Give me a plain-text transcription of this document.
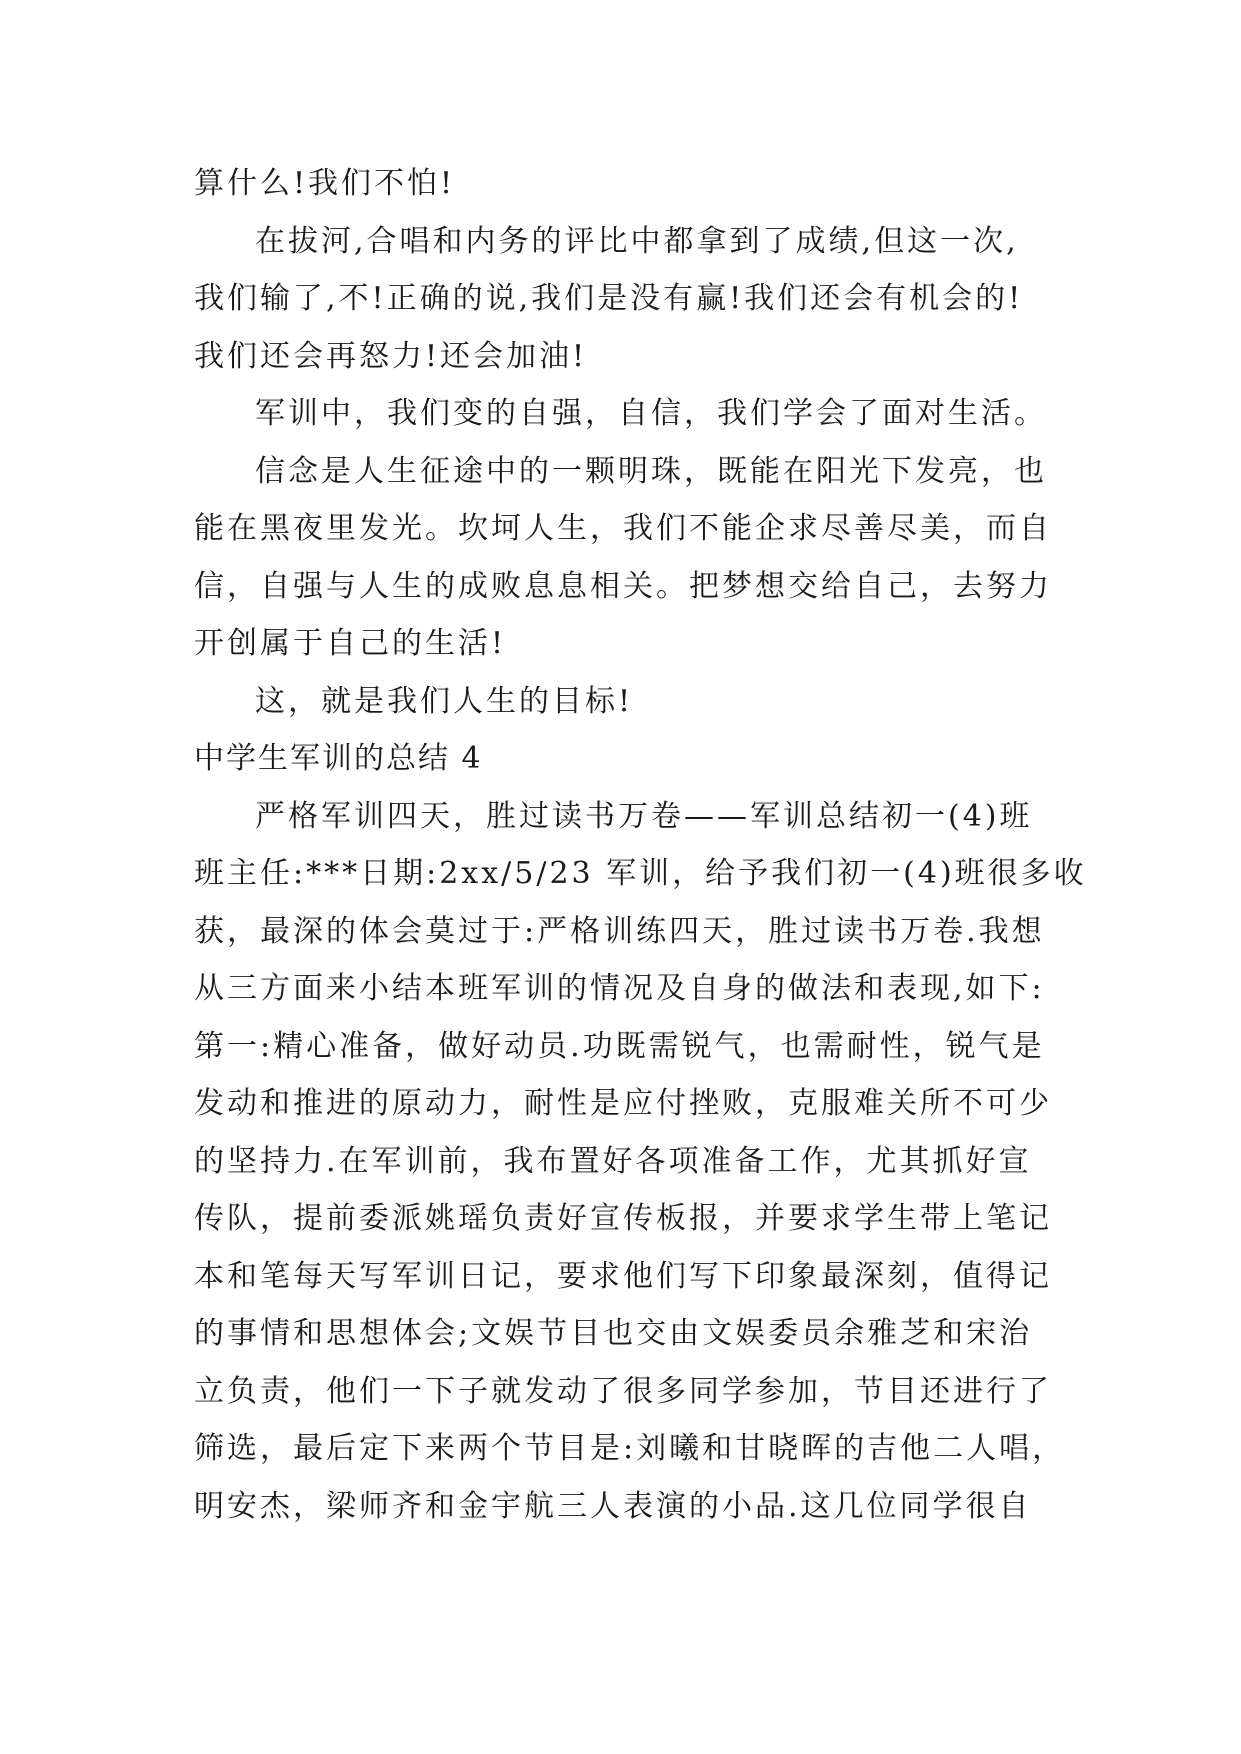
算什么!我们不怕!
在拔河,合唱和内务的评比中都拿到了成绩,但这一次,
我们输了,不!正确的说,我们是没有赢!我们还会有机会的!
我们还会再怒力!还会加油!
军训中，我们变的自强，自信，我们学会了面对生活。
信念是人生征途中的一颗明珠，既能在阳光下发亮，也
能在黑夜里发光。坎坷人生，我们不能企求尽善尽美，而自
信，自强与人生的成败息息相关。把梦想交给自己，去努力
开创属于自己的生活!
这，就是我们人生的目标!
中学生军训的总结 4
严格军训四天，胜过读书万卷——军训总结初一(4)班
班主任:***日期:2xx/5/23 军训，给予我们初一(4)班很多收
获，最深的体会莫过于:严格训练四天，胜过读书万卷.我想
从三方面来小结本班军训的情况及自身的做法和表现,如下:
第一:精心准备，做好动员.功既需锐气，也需耐性，锐气是
发动和推进的原动力，耐性是应付挫败，克服难关所不可少
的坚持力.在军训前，我布置好各项准备工作，尤其抓好宣
传队，提前委派姚瑶负责好宣传板报，并要求学生带上笔记
本和笔每天写军训日记，要求他们写下印象最深刻，值得记
的事情和思想体会;文娱节目也交由文娱委员余雅芝和宋治
立负责，他们一下子就发动了很多同学参加，节目还进行了
筛选，最后定下来两个节目是:刘曦和甘晓晖的吉他二人唱，
明安杰，梁师齐和金宇航三人表演的小品.这几位同学很自
